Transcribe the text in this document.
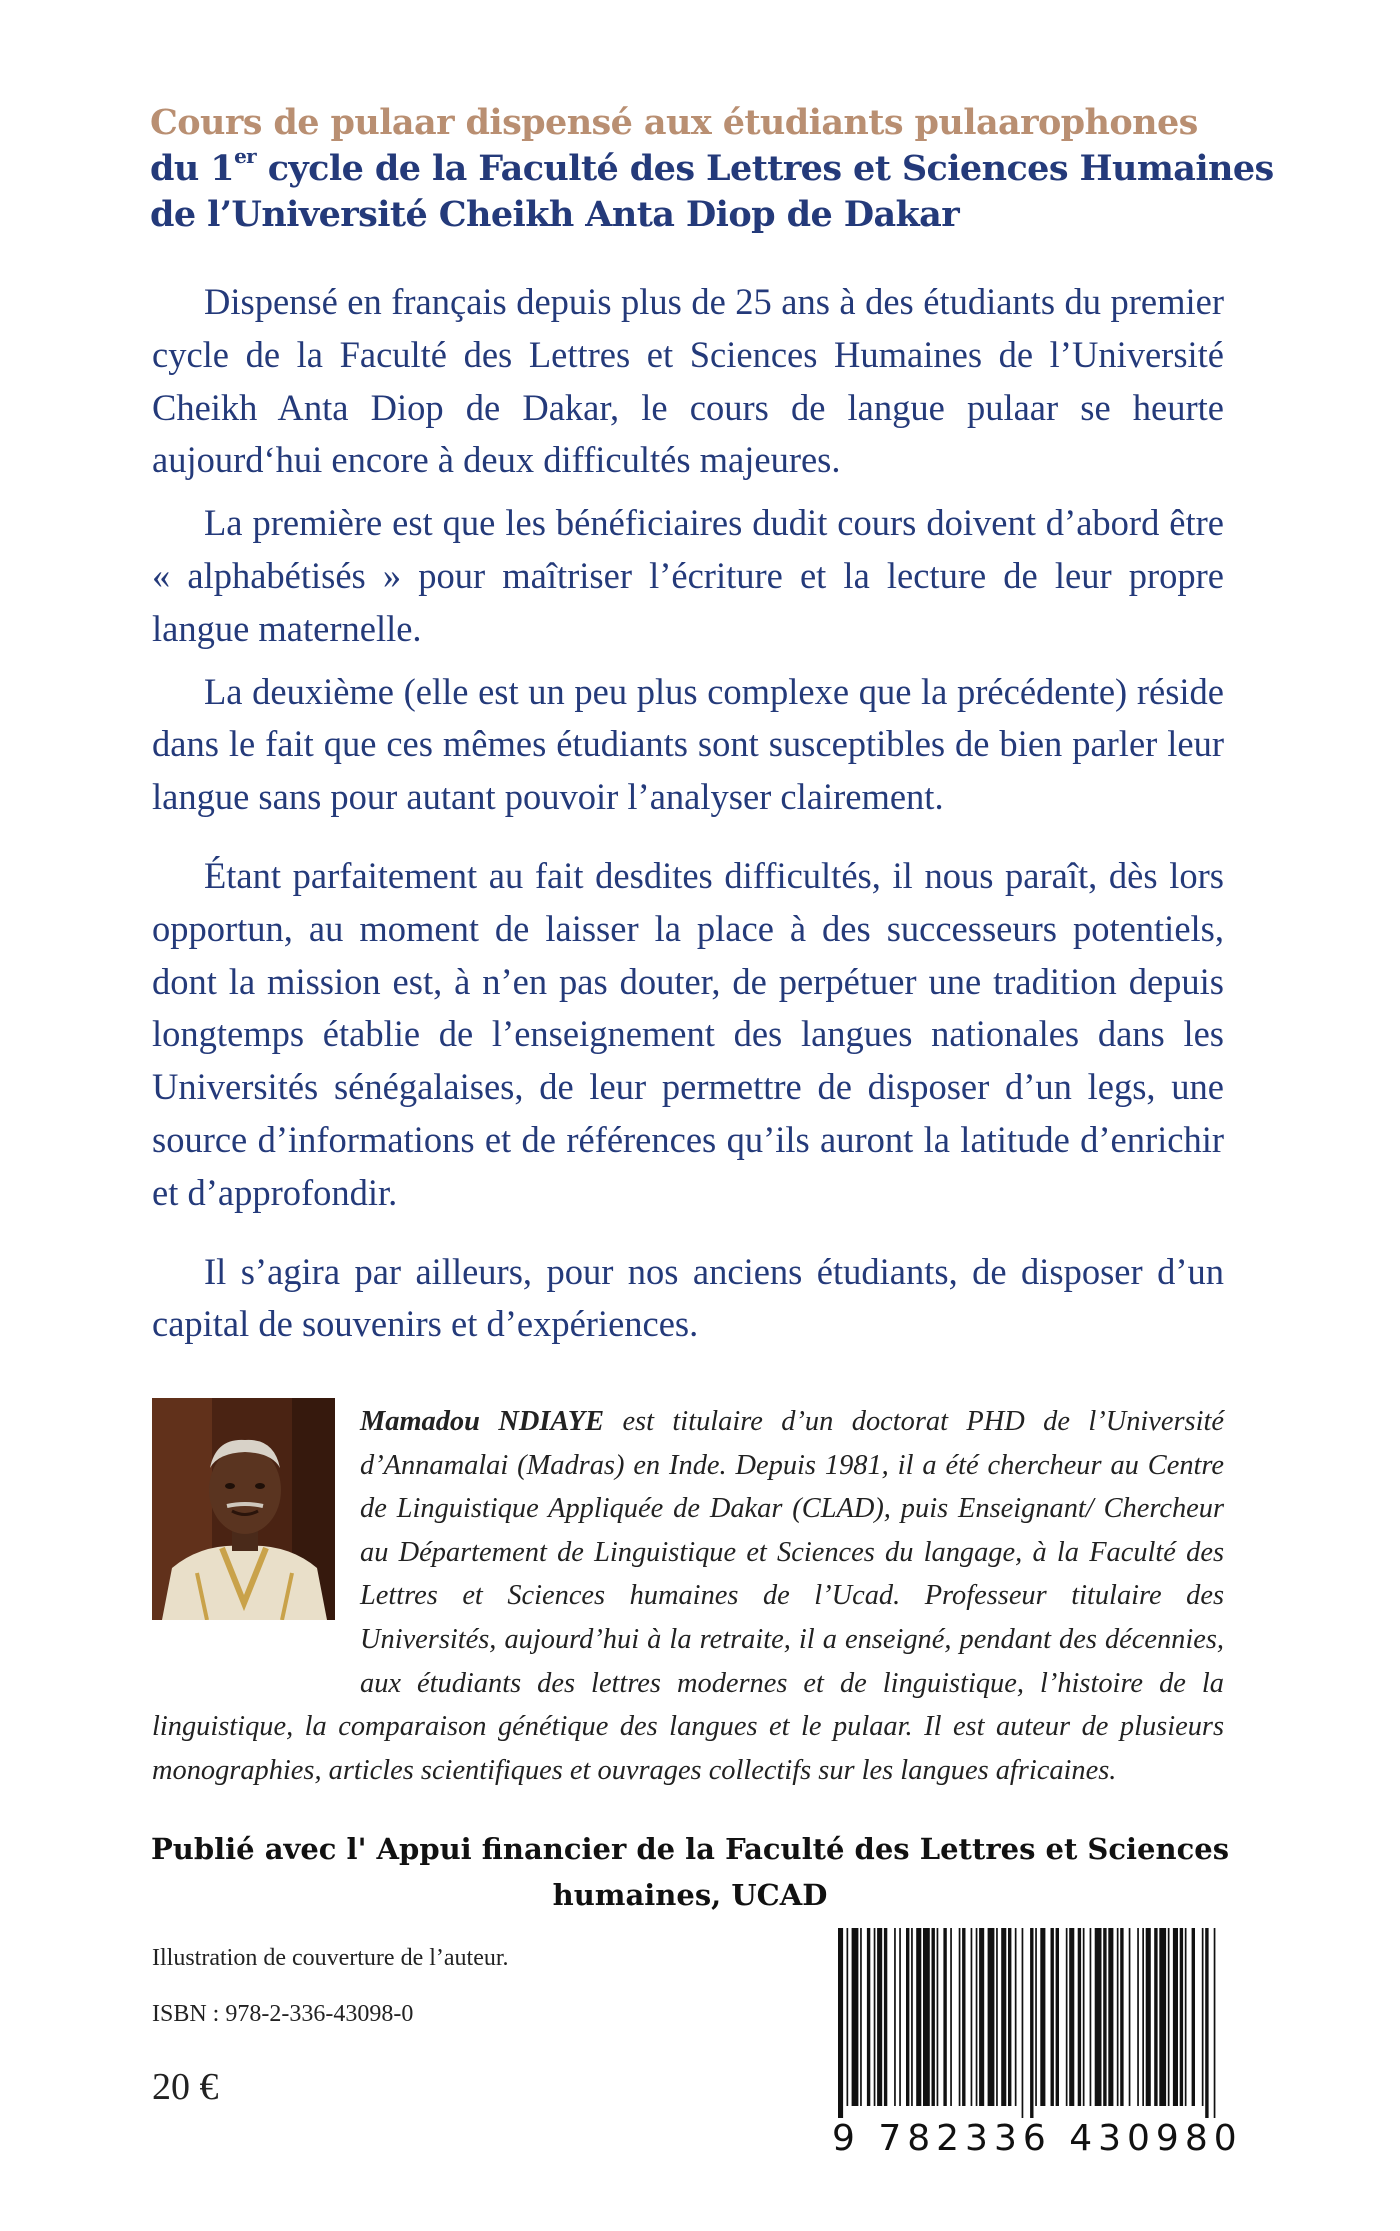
Cours de pulaar dispensé aux étudiants pulaarophones
du 1er cycle de la Faculté des Lettres et Sciences Humaines
de l’Université Cheikh Anta Diop de Dakar

Dispensé en français depuis plus de 25 ans à des étudiants du premier cycle de la Faculté des Lettres et Sciences Humaines de l’Université Cheikh Anta Diop de Dakar, le cours de langue pulaar se heurte aujourd‘hui encore à deux difficultés majeures.

La première est que les bénéficiaires dudit cours doivent d’abord être « alphabétisés » pour maîtriser l’écriture et la lecture de leur propre langue maternelle.

La deuxième (elle est un peu plus complexe que la précédente) réside dans le fait que ces mêmes étudiants sont susceptibles de bien parler leur langue sans pour autant pouvoir l’analyser clairement.

Étant parfaitement au fait desdites difficultés, il nous paraît, dès lors opportun, au moment de laisser la place à des successeurs potentiels, dont la mission est, à n’en pas douter, de perpétuer une tradition depuis longtemps établie de l’enseignement des langues nationales dans les Universités sénégalaises, de leur permettre de disposer d’un legs, une source d’informations et de références qu’ils auront la latitude d’enrichir et d’approfondir.

Il s’agira par ailleurs, pour nos anciens étudiants, de disposer d’un capital de souvenirs et d’expériences.

Mamadou NDIAYE est titulaire d’un doctorat PHD de l’Université d’Annamalai (Madras) en Inde. Depuis 1981, il a été chercheur au Centre de Linguistique Appliquée de Dakar (CLAD), puis Enseignant/ Chercheur au Département de Linguistique et Sciences du langage, à la Faculté des Lettres et Sciences humaines de l’Ucad. Professeur titulaire des Universités, aujourd’hui à la retraite, il a enseigné, pendant des décennies, aux étudiants des lettres modernes et de linguistique, l’histoire de la linguistique, la comparaison génétique des langues et le pulaar. Il est auteur de plusieurs monographies, articles scientifiques et ouvrages collectifs sur les langues africaines.
Publié avec l' Appui financier de la Faculté des Lettres et Sciences
humaines, UCAD
Illustration de couverture de l’auteur.
ISBN : 978-2-336-43098-0
20 €
9 782336 430980
